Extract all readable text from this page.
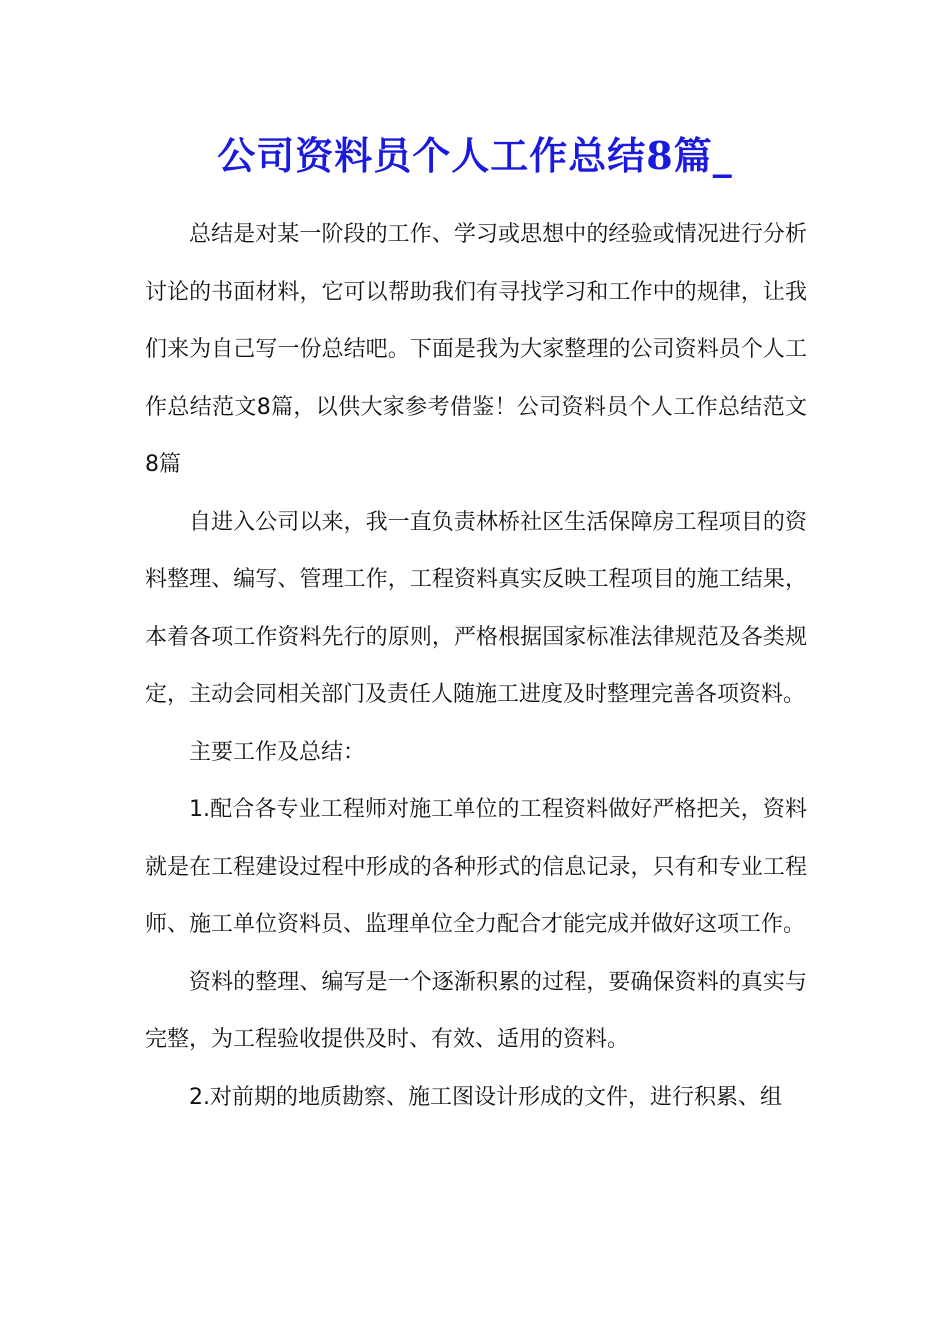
公司资料员个人工作总结8篇_

总结是对某一阶段的工作、学习或思想中的经验或情况进行分析讨论的书面材料，它可以帮助我们有寻找学习和工作中的规律，让我们来为自己写一份总结吧。下面是我为大家整理的公司资料员个人工作总结范文8篇，以供大家参考借鉴！公司资料员个人工作总结范文8篇

自进入公司以来，我一直负责林桥社区生活保障房工程项目的资料整理、编写、管理工作，工程资料真实反映工程项目的施工结果，本着各项工作资料先行的原则，严格根据国家标准法律规范及各类规定，主动会同相关部门及责任人随施工进度及时整理完善各项资料。

主要工作及总结：

1.配合各专业工程师对施工单位的工程资料做好严格把关，资料就是在工程建设过程中形成的各种形式的信息记录，只有和专业工程师、施工单位资料员、监理单位全力配合才能完成并做好这项工作。

资料的整理、编写是一个逐渐积累的过程，要确保资料的真实与完整，为工程验收提供及时、有效、适用的资料。

2.对前期的地质勘察、施工图设计形成的文件，进行积累、组
